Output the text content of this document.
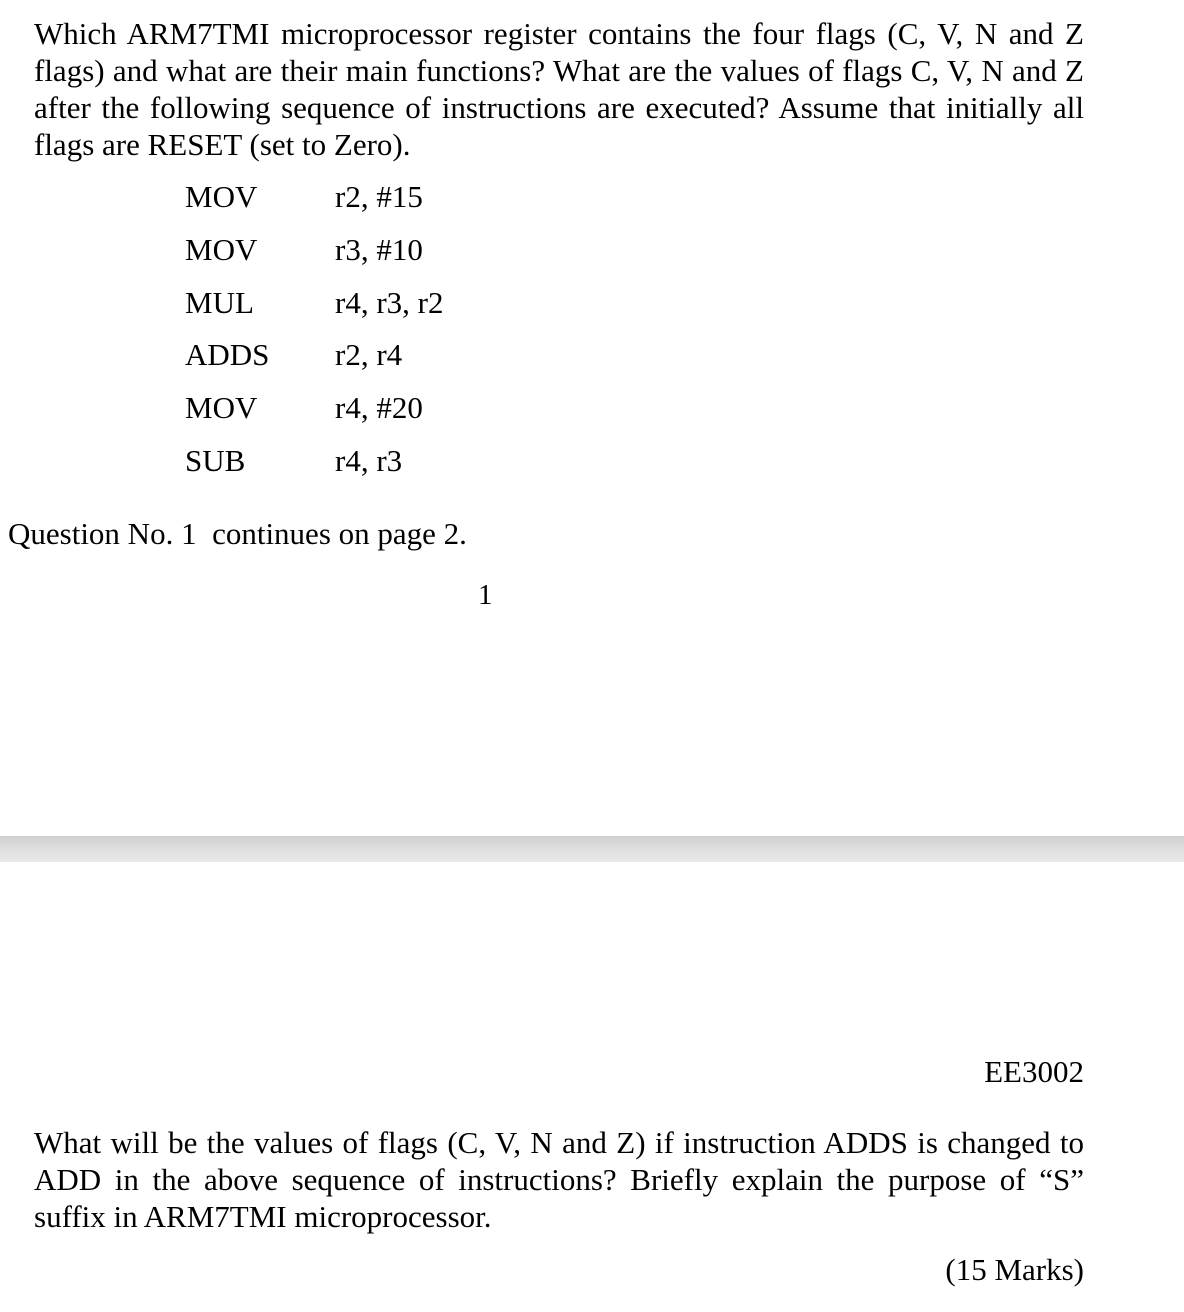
Which ARM7TMI microprocessor register contains the four flags (C, V, N and Z flags) and what are their main functions? What are the values of flags C, V, N and Z after the following sequence of instructions are executed? Assume that initially all flags are RESET (set to Zero).

MOV	r2, #15
MOV	r3, #10
MUL	r4, r3, r2
ADDS r2, r4
MOV	r4, #20
SUB	r4, r3
Question No. 1  continues on page 2.
1
EE3002

What will be the values of flags (C, V, N and Z) if instruction ADDS is changed to ADD in the above sequence of instructions? Briefly explain the purpose of “S” suffix in ARM7TMI microprocessor.

(15 Marks)
